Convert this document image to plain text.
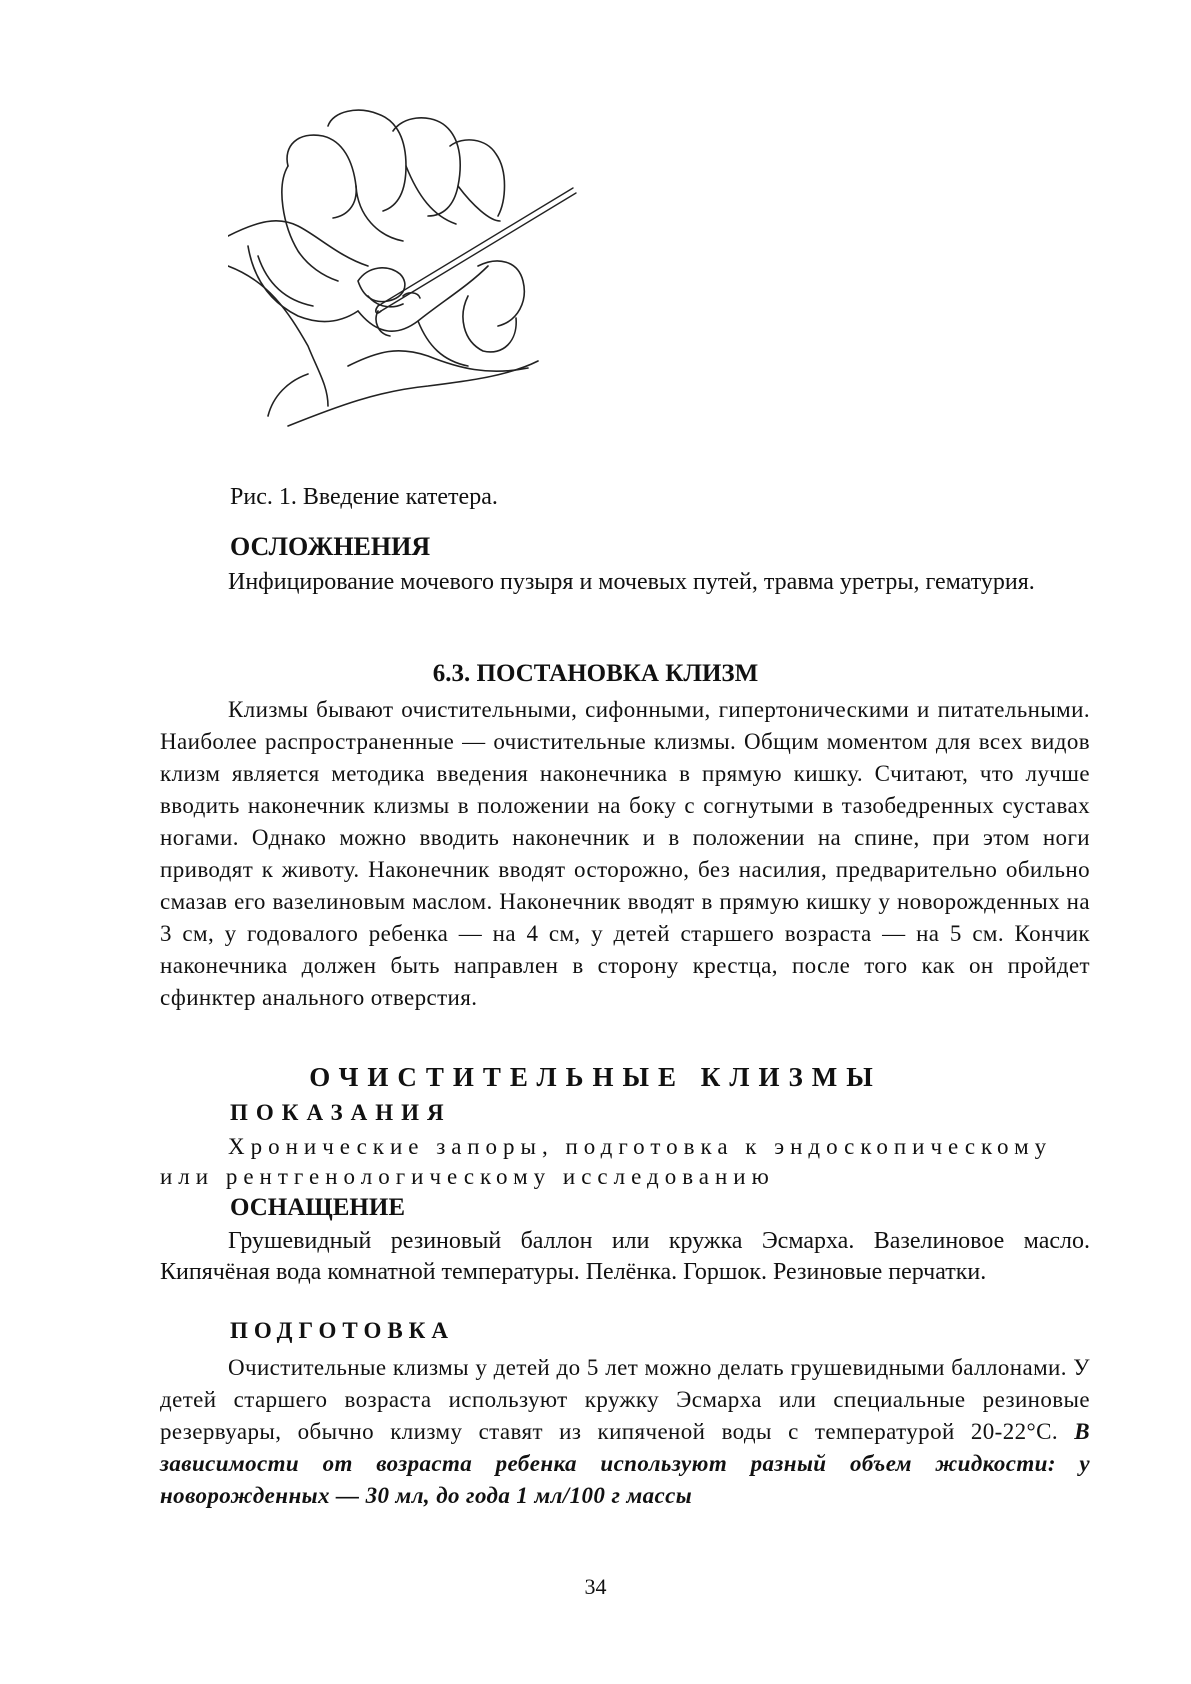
Рис. 1. Введение катетера.
ОСЛОЖНЕНИЯ

Инфицирование мочевого пузыря и мочевых путей, травма уретры, гематурия.

6.3. ПОСТАНОВКА КЛИЗМ

Клизмы бывают очистительными, сифонными, гипертоническими и питательными. Наиболее распространенные — очистительные клизмы. Общим моментом для всех видов клизм является методика введения наконечника в прямую кишку. Считают, что лучше вводить наконечник клизмы в положении на боку с согнутыми в тазобедренных суставах ногами. Однако можно вводить наконечник и в положении на спине, при этом ноги приводят к животу. Наконечник вводят осторожно, без насилия, предварительно обильно смазав его вазелиновым маслом. Наконечник вводят в прямую кишку у новорожденных на 3 см, у годовалого ребенка — на 4 см, у детей старшего возраста — на 5 см. Кончик наконечника должен быть направлен в сторону крестца, после того как он пройдет сфинктер анального отверстия.

ОЧИСТИТЕЛЬНЫЕ КЛИЗМЫ
ПОКАЗАНИЯ

Хронические запоры, подготовка к эндоскопическому или рентгенологическому исследованию

ОСНАЩЕНИЕ

Грушевидный резиновый баллон или кружка Эсмарха. Вазелиновое масло. Кипячёная вода комнатной температуры. Пелёнка. Горшок. Резиновые перчатки.

ПОДГОТОВКА

Очистительные клизмы у детей до 5 лет можно делать грушевидными баллонами. У детей старшего возраста используют кружку Эсмарха или специальные резиновые резервуары, обычно клизму ставят из кипяченой воды с температурой 20-22°С. В зависимости от возраста ребенка используют разный объем жидкости: у новорожденных — 30 мл, до года 1 мл/100 г массы

34
